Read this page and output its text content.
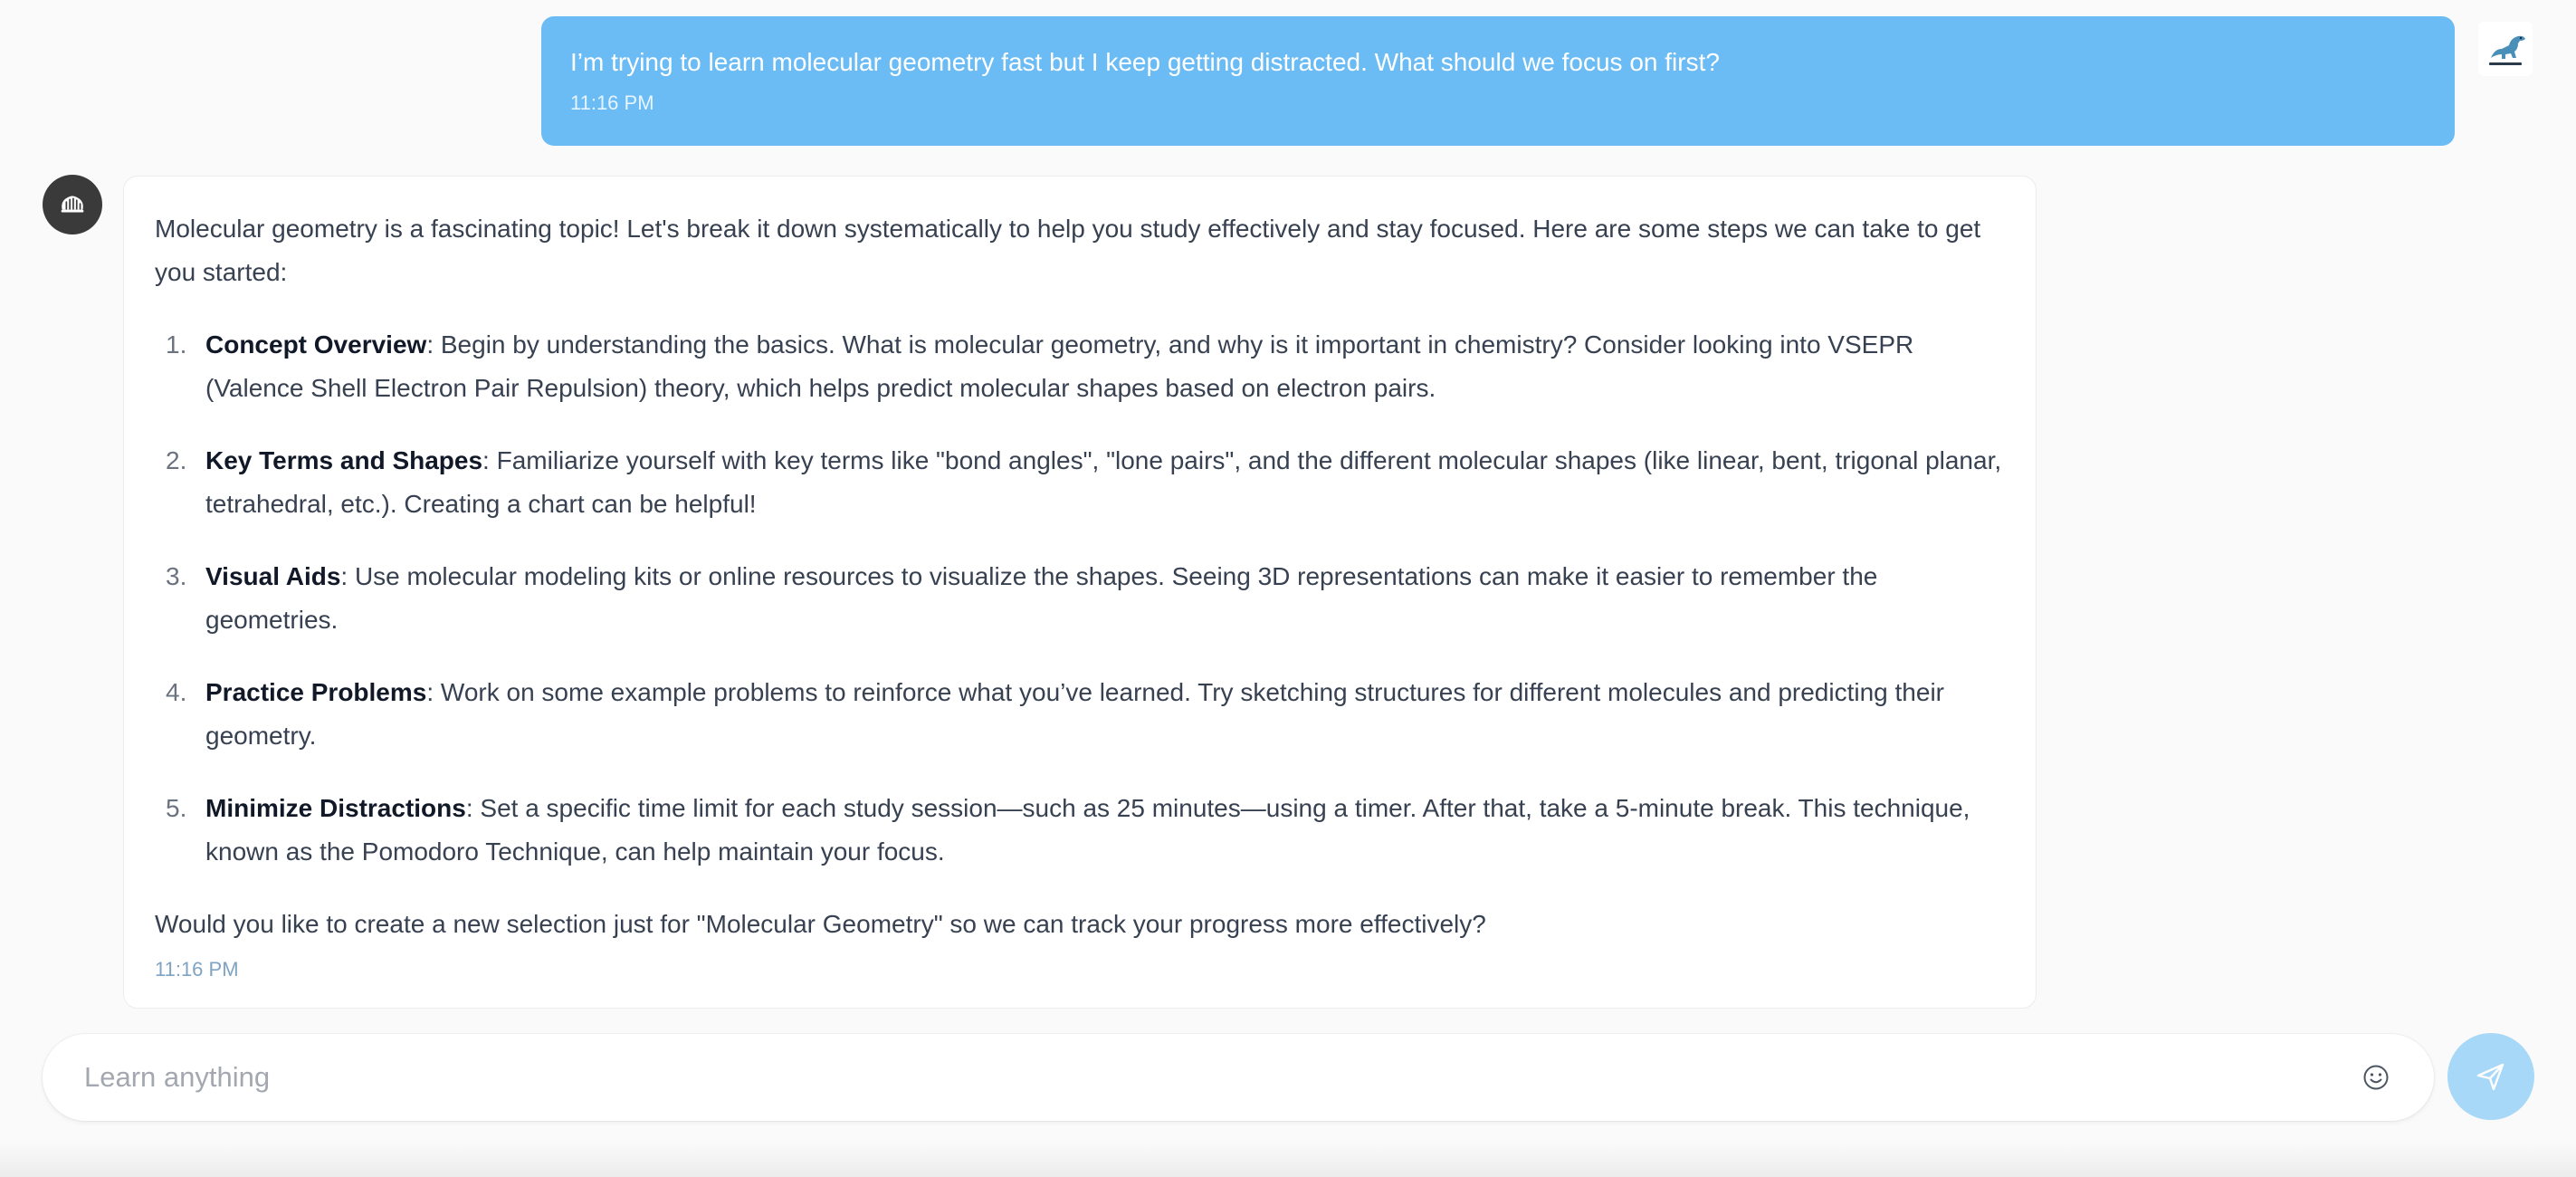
I’m trying to learn molecular geometry fast but I keep getting distracted. What should we focus on first?
11:16 PM

Molecular geometry is a fascinating topic! Let's break it down systematically to help you study effectively and stay focused. Here are some steps we can take to get you started:

1. Concept Overview: Begin by understanding the basics. What is molecular geometry, and why is it important in chemistry? Consider looking into VSEPR (Valence Shell Electron Pair Repulsion) theory, which helps predict molecular shapes based on electron pairs.
2. Key Terms and Shapes: Familiarize yourself with key terms like "bond angles", "lone pairs", and the different molecular shapes (like linear, bent, trigonal planar, tetrahedral, etc.). Creating a chart can be helpful!
3. Visual Aids: Use molecular modeling kits or online resources to visualize the shapes. Seeing 3D representations can make it easier to remember the geometries.
4. Practice Problems: Work on some example problems to reinforce what you’ve learned. Try sketching structures for different molecules and predicting their geometry.
5. Minimize Distractions: Set a specific time limit for each study session—such as 25 minutes—using a timer. After that, take a 5-minute break. This technique, known as the Pomodoro Technique, can help maintain your focus.

Would you like to create a new selection just for "Molecular Geometry" so we can track your progress more effectively?

11:16 PM
Learn anything
